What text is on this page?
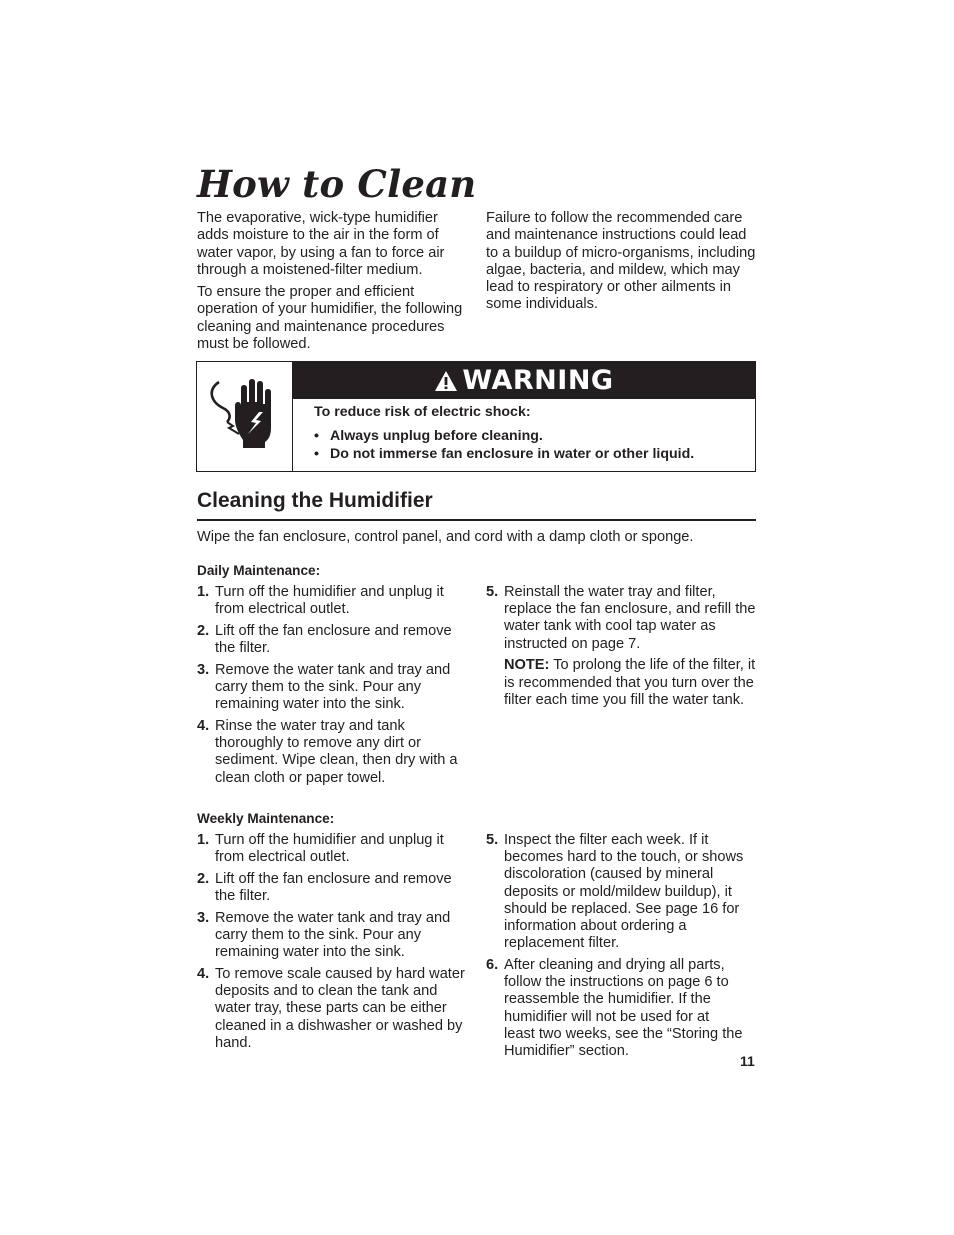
How to Clean

The evaporative, wick-type humidifier adds moisture to the air in the form of water vapor, by using a fan to force air through a moistened-filter medium.

To ensure the proper and efficient operation of your humidifier, the following cleaning and maintenance procedures must be followed.

Failure to follow the recommended care and maintenance instructions could lead to a buildup of micro-organisms, including algae, bacteria, and mildew, which may lead to respiratory or other ailments in some individuals.

WARNING

To reduce risk of electric shock:

• Always unplug before cleaning.
• Do not immerse fan enclosure in water or other liquid.
Cleaning the Humidifier

Wipe the fan enclosure, control panel, and cord with a damp cloth or sponge.

Daily Maintenance:

1. Turn off the humidifier and unplug it from electrical outlet.
2. Lift off the fan enclosure and remove the filter.
3. Remove the water tank and tray and carry them to the sink. Pour any remaining water into the sink.
4. Rinse the water tray and tank thoroughly to remove any dirt or sediment. Wipe clean, then dry with a clean cloth or paper towel.
5. Reinstall the water tray and filter, replace the fan enclosure, and refill the water tank with cool tap water as instructed on page 7.

NOTE: To prolong the life of the filter, it is recommended that you turn over the filter each time you fill the water tank.

Weekly Maintenance:

1. Turn off the humidifier and unplug it from electrical outlet.
2. Lift off the fan enclosure and remove the filter.
3. Remove the water tank and tray and carry them to the sink. Pour any remaining water into the sink.
4. To remove scale caused by hard water deposits and to clean the tank and water tray, these parts can be either cleaned in a dishwasher or washed by hand.
5. Inspect the filter each week. If it becomes hard to the touch, or shows discoloration (caused by mineral deposits or mold/mildew buildup), it should be replaced. See page 16 for information about ordering a replacement filter.
6. After cleaning and drying all parts, follow the instructions on page 6 to reassemble the humidifier. If the humidifier will not be used for at least two weeks, see the “Storing the Humidifier” section.
11
